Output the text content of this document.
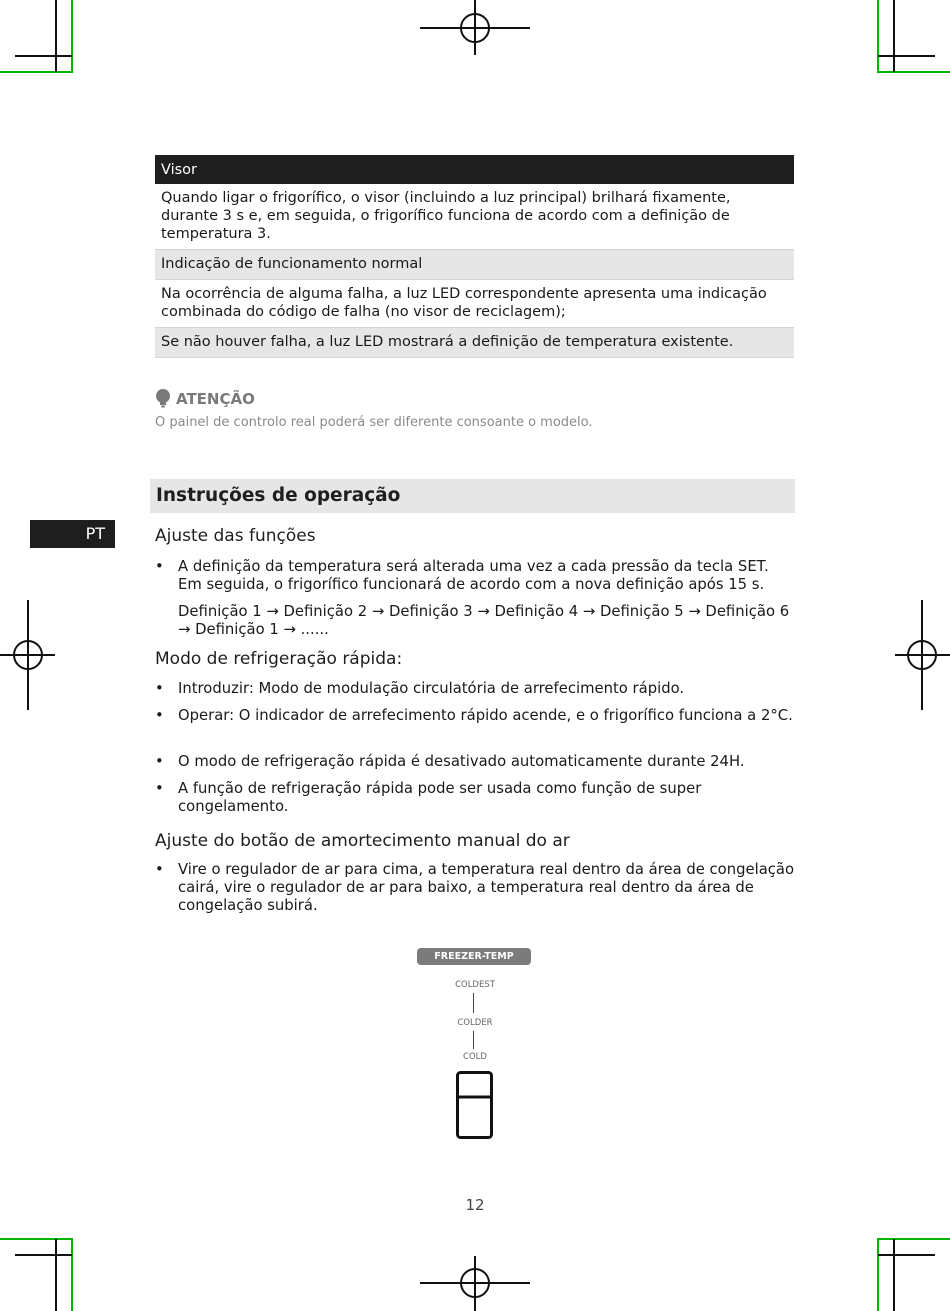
Visor
Quando ligar o frigorífico, o visor (incluindo a luz principal) brilhará fixamente, durante 3 s e, em seguida, o frigorífico funciona de acordo com a definição de temperatura 3.
Indicação de funcionamento normal
Na ocorrência de alguma falha, a luz LED correspondente apresenta uma indicação combinada do código de falha (no visor de reciclagem);
Se não houver falha, a luz LED mostrará a definição de temperatura existente.
ATENÇÃO
O painel de controlo real poderá ser diferente consoante o modelo.
Instruções de operação
PT	Ajuste das funções
• A definição da temperatura será alterada uma vez a cada pressão da tecla SET. Em seguida, o frigorífico funcionará de acordo com a nova definição após 15 s.
Definição 1 → Definição 2 → Definição 3 → Definição 4 → Definição 5 → Definição 6 → Definição 1 → ......
Modo de refrigeração rápida:
• Introduzir: Modo de modulação circulatória de arrefecimento rápido.
• Operar: O indicador de arrefecimento rápido acende, e o frigorífico funciona a 2°C.
• O modo de refrigeração rápida é desativado automaticamente durante 24H.
• A função de refrigeração rápida pode ser usada como função de super congelamento.
Ajuste do botão de amortecimento manual do ar
• Vire o regulador de ar para cima, a temperatura real dentro da área de congelação cairá, vire o regulador de ar para baixo, a temperatura real dentro da área de congelação subirá.
FREEZER-TEMP
COLDEST
COLDER
COLD
12
